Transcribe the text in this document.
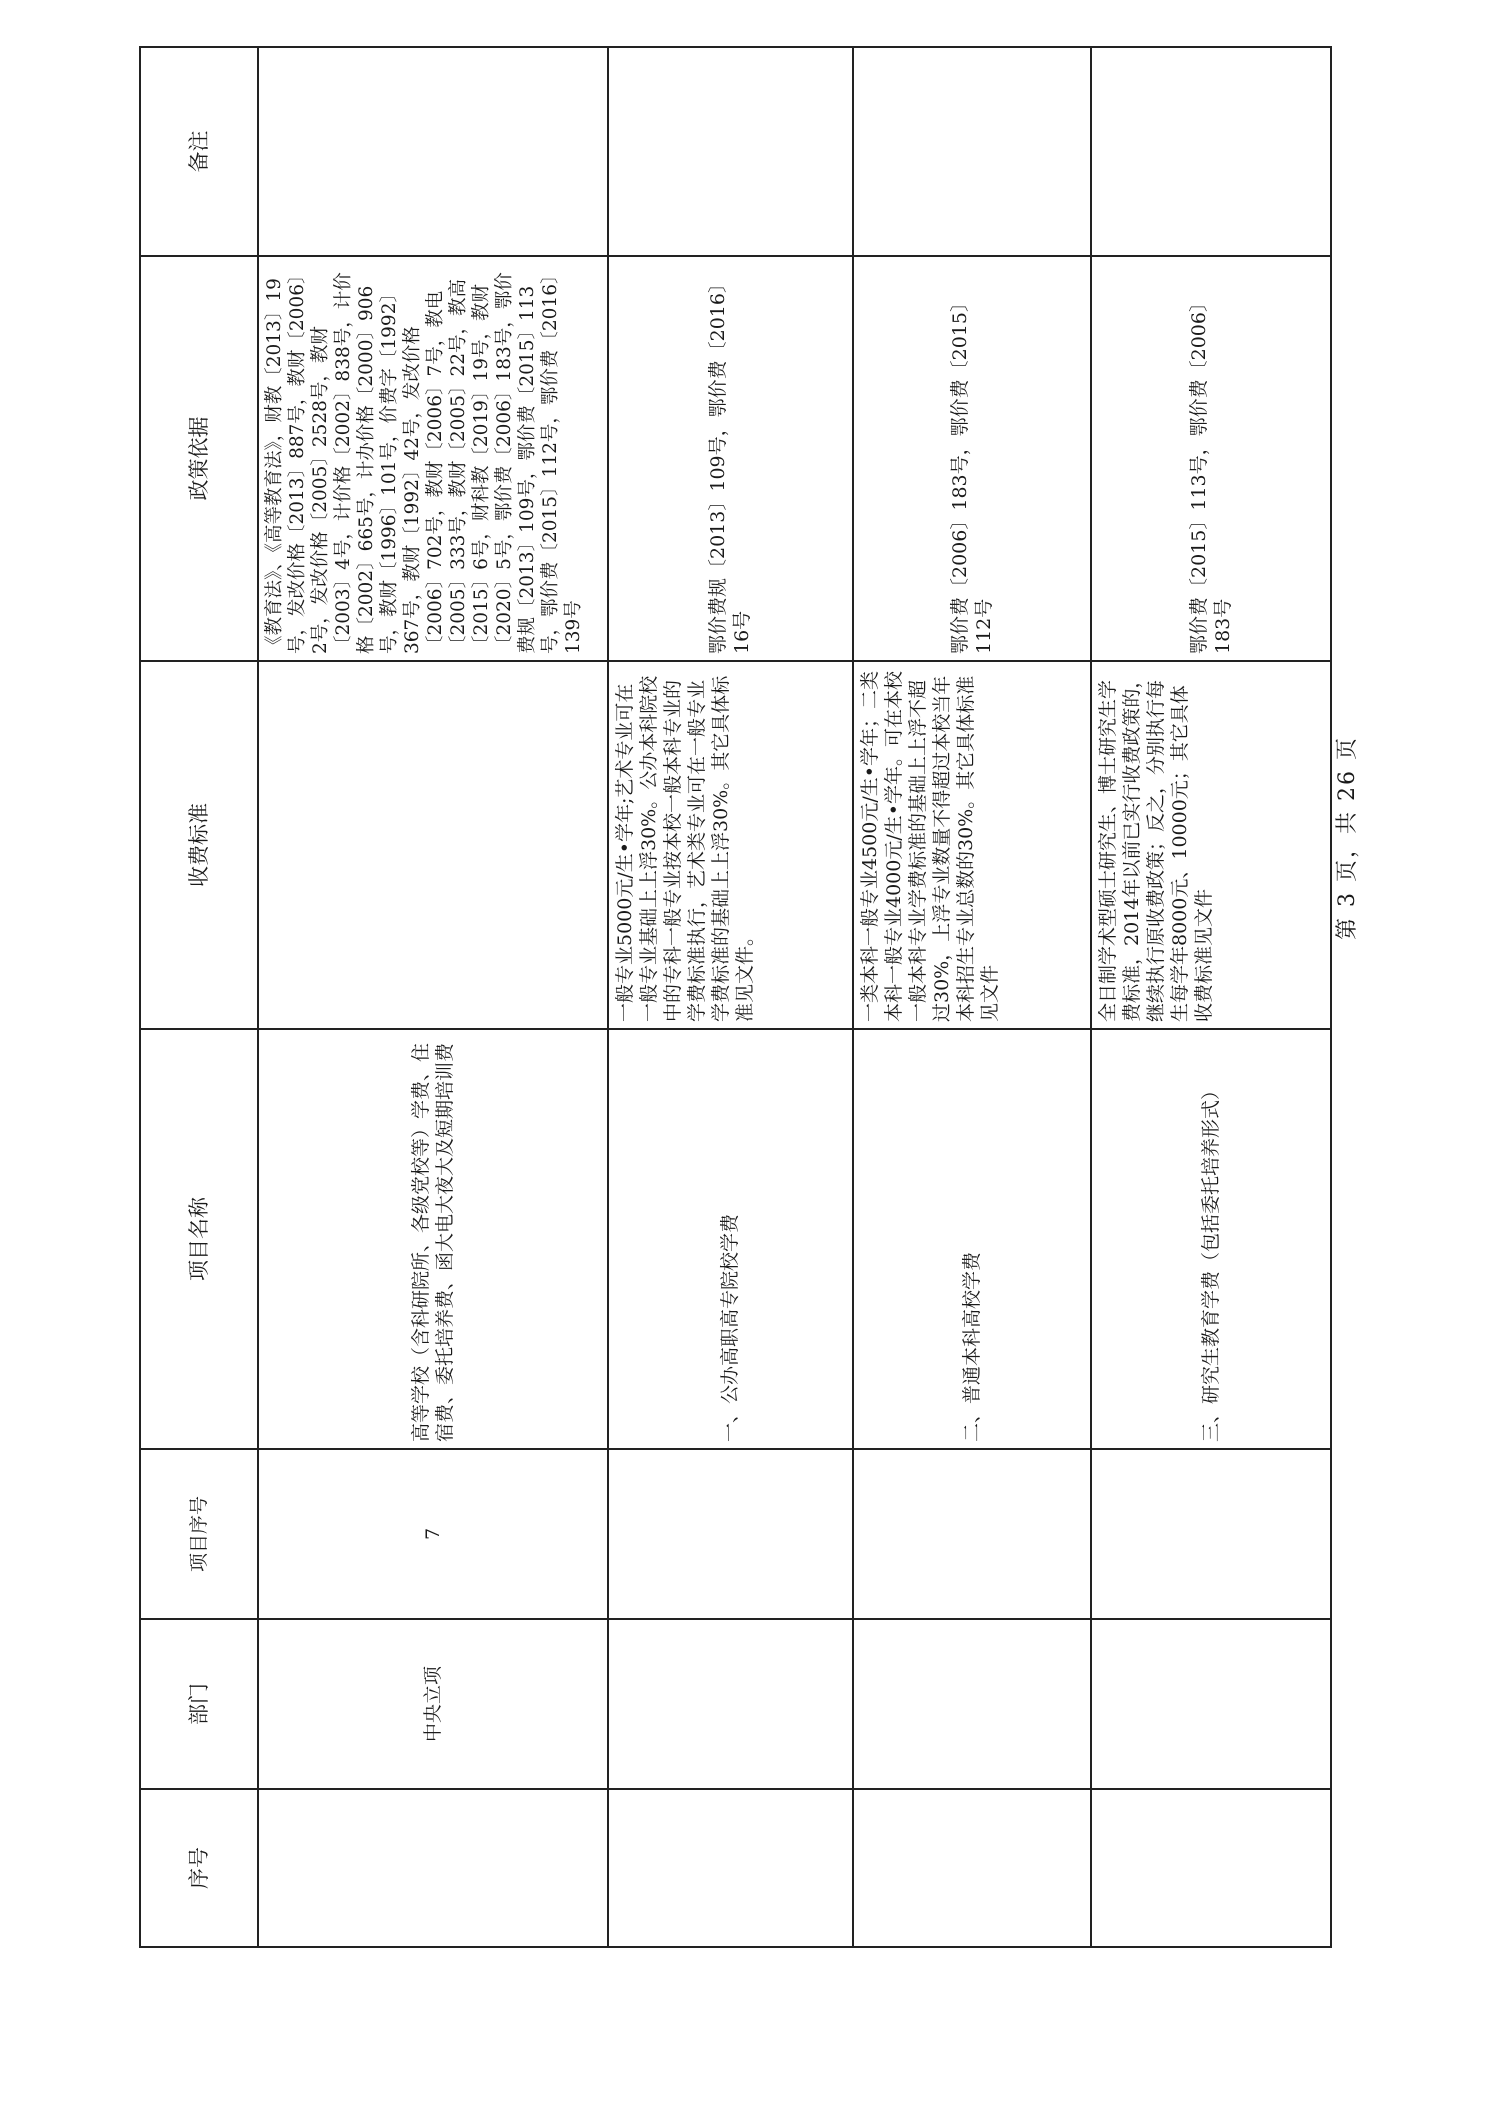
序号	部门	项目序号	项目名称	收费标准	政策依据	备注
	中央立项	7	高等学校（含科研院所、各级党校等）学费、住宿费、委托培养费、函大电大夜大及短期培训费		《教育法》、《高等教育法》，财教〔2013〕19号，发改价格〔2013〕887号，教财〔2006〕2号，发改价格〔2005〕2528号，教财〔2003〕4号，计价格〔2002〕838号，计价格〔2002〕665号，计办价格〔2000〕906号，教财〔1996〕101号，价费字〔1992〕367号，教财〔1992〕42号，发改价格〔2006〕702号，教财〔2006〕7号，教电〔2005〕333号，教财〔2005〕22号，教高〔2015〕6号，财科教〔2019〕19号，教财〔2020〕5号，鄂价费〔2006〕183号，鄂价费规〔2013〕109号，鄂价费〔2015〕113号，鄂价费〔2015〕112号，鄂价费〔2016〕139号	
			一、公办高职高专院校学费	一般专业5000元/生•学年;艺术专业可在一般专业基础上上浮30%。公办本科院校中的专科一般专业按本校一般本科专业的学费标准执行，艺术类专业可在一般专业学费标准的基础上上浮30%。其它具体标准见文件。	鄂价费规〔2013〕109号，鄂价费〔2016〕16号	
			二、普通本科高校学费	一类本科一般专业4500元/生•学年；二类本科一般专业4000元/生•学年。可在本校一般本科专业学费标准的基础上上浮不超过30%，上浮专业数量不得超过本校当年本科招生专业总数的30%。其它具体标准见文件	鄂价费〔2006〕183号，鄂价费〔2015〕112号	
			三、研究生教育学费（包括委托培养形式）	全日制学术型硕士研究生、博士研究生学费标准，2014年以前已实行收费政策的，继续执行原收费政策；反之，分别执行每生每学年8000元、10000元；其它具体收费标准见文件	鄂价费〔2015〕113号，鄂价费〔2006〕183号	
第 3 页，共 26 页
